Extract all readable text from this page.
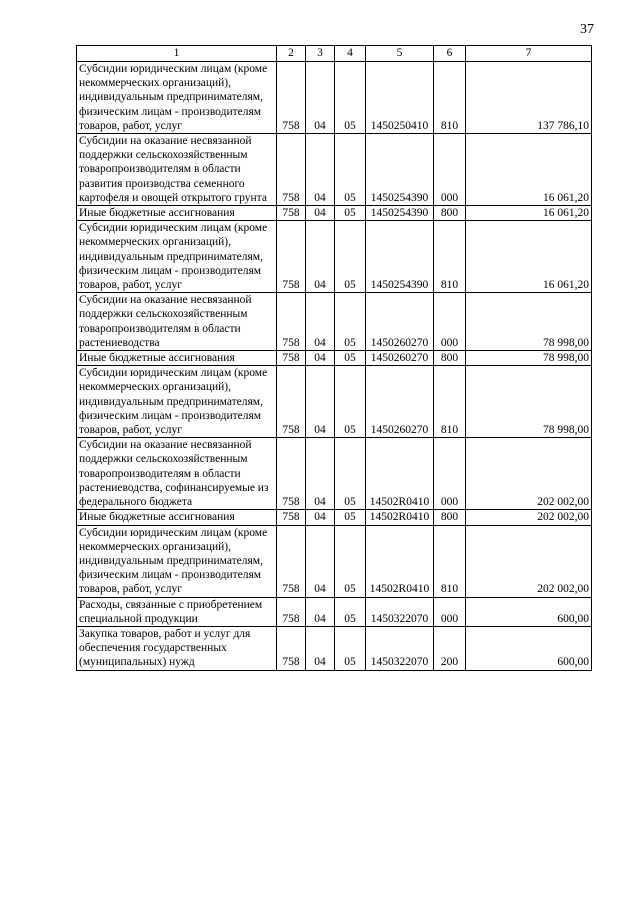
37
1	2	3	4	5	6	7
Субсидии юридическим лицам (кроме некоммерческих организаций), индивидуальным предпринимателям, физическим лицам - производителям товаров, работ, услуг	758	04	05	1450250410	810	137 786,10
Субсидии на оказание несвязанной поддержки сельскохозяйственным товаропроизводителям в области развития производства семенного картофеля и овощей открытого грунта	758	04	05	1450254390	000	16 061,20
Иные бюджетные ассигнования	758	04	05	1450254390	800	16 061,20
Субсидии юридическим лицам (кроме некоммерческих организаций), индивидуальным предпринимателям, физическим лицам - производителям товаров, работ, услуг	758	04	05	1450254390	810	16 061,20
Субсидии на оказание несвязанной поддержки сельскохозяйственным товаропроизводителям в области растениеводства	758	04	05	1450260270	000	78 998,00
Иные бюджетные ассигнования	758	04	05	1450260270	800	78 998,00
Субсидии юридическим лицам (кроме некоммерческих организаций), индивидуальным предпринимателям, физическим лицам - производителям товаров, работ, услуг	758	04	05	1450260270	810	78 998,00
Субсидии на оказание несвязанной поддержки сельскохозяйственным товаропроизводителям в области растениеводства, софинансируемые из федерального бюджета	758	04	05	14502R0410	000	202 002,00
Иные бюджетные ассигнования	758	04	05	14502R0410	800	202 002,00
Субсидии юридическим лицам (кроме некоммерческих организаций), индивидуальным предпринимателям, физическим лицам - производителям товаров, работ, услуг	758	04	05	14502R0410	810	202 002,00
Расходы, связанные с приобретением специальной продукции	758	04	05	1450322070	000	600,00
Закупка товаров, работ и услуг для обеспечения государственных (муниципальных) нужд	758	04	05	1450322070	200	600,00
